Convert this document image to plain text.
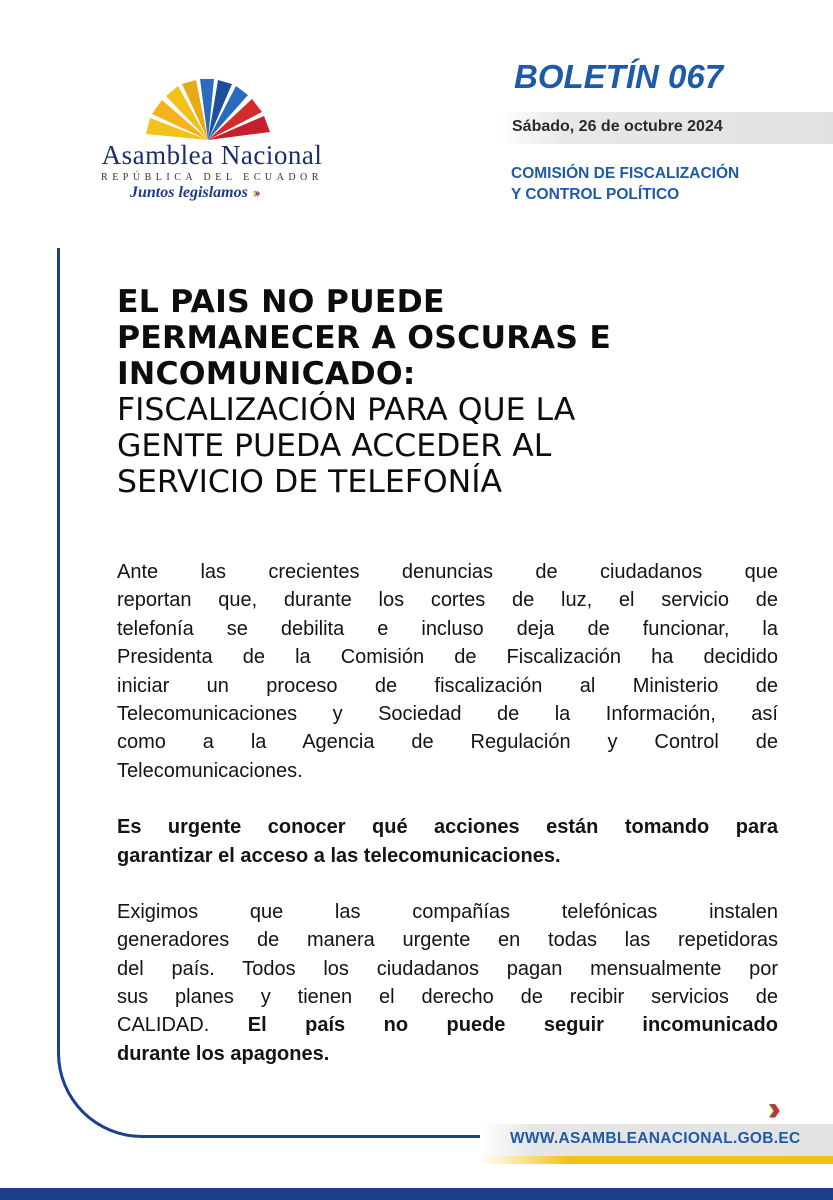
Asamblea Nacional
REPÚBLICA DEL ECUADOR
Juntos legislamos ›››
BOLETÍN 067
Sábado, 26 de octubre 2024
COMISIÓN DE FISCALIZACIÓN
Y CONTROL POLÍTICO
EL PAIS NO PUEDE
PERMANECER A OSCURAS E
INCOMUNICADO:
FISCALIZACIÓN PARA QUE LA
GENTE PUEDA ACCEDER AL
SERVICIO DE TELEFONÍA
Ante las crecientes denuncias de ciudadanos que
reportan que, durante los cortes de luz, el servicio de
telefonía se debilita e incluso deja de funcionar, la
Presidenta de la Comisión de Fiscalización ha decidido
iniciar un proceso de fiscalización al Ministerio de
Telecomunicaciones y Sociedad de la Información, así
como a la Agencia de Regulación y Control de
Telecomunicaciones.
Es urgente conocer qué acciones están tomando para
garantizar el acceso a las telecomunicaciones.
Exigimos que las compañías telefónicas instalen
generadores de manera urgente en todas las repetidoras
del país. Todos los ciudadanos pagan mensualmente por
sus planes y tienen el derecho de recibir servicios de
CALIDAD. El país no puede seguir incomunicado
durante los apagones.
›››
WWW.ASAMBLEANACIONAL.GOB.EC
